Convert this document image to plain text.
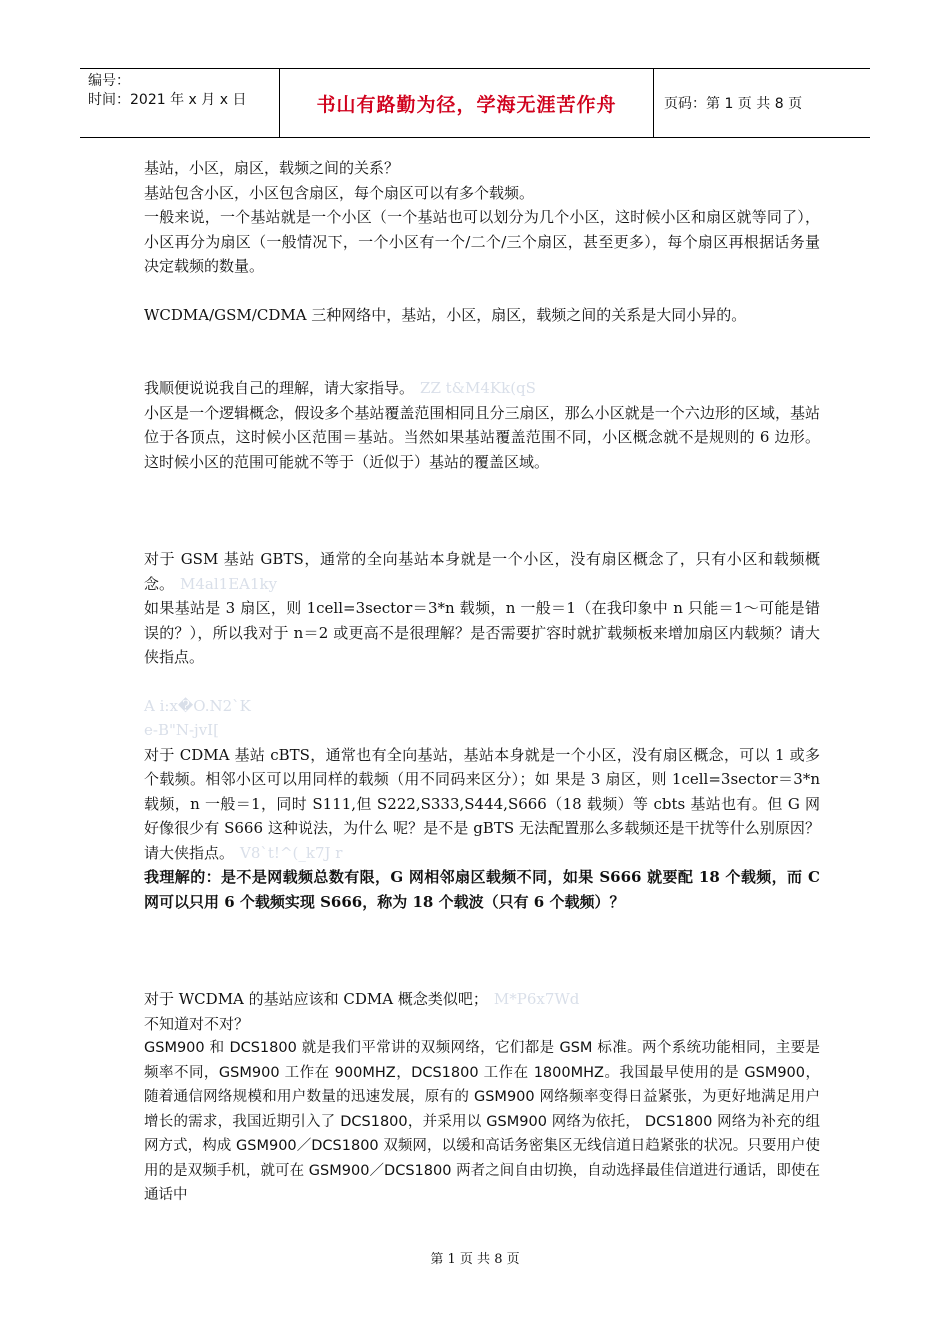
编号：
时间：2021 年 x 月 x 日	书山有路勤为径，学海无涯苦作舟	页码：第 1 页 共 8 页

基站，小区，扇区，载频之间的关系？

基站包含小区，小区包含扇区，每个扇区可以有多个载频。

一般来说，一个基站就是一个小区（一个基站也可以划分为几个小区，这时候小区和扇区就等同了），小区再分为扇区（一般情况下，一个小区有一个/二个/三个扇区，甚至更多），每个扇区再根据话务量决定载频的数量。

WCDMA/GSM/CDMA 三种网络中，基站，小区，扇区，载频之间的关系是大同小异的。

我顺便说说我自己的理解，请大家指导。 ZZ t&M4Kk(qS

小区是一个逻辑概念，假设多个基站覆盖范围相同且分三扇区，那么小区就是一个六边形的区域，基站位于各顶点，这时候小区范围＝基站。当然如果基站覆盖范围不同，小区概念就不是规则的 6 边形。这时候小区的范围可能就不等于（近似于）基站的覆盖区域。

对于 GSM 基站 GBTS，通常的全向基站本身就是一个小区，没有扇区概念了，只有小区和载频概念。 M4al1EA1ky

如果基站是 3 扇区，则 1cell=3sector＝3*n 载频，n 一般＝1（在我印象中 n 只能＝1～可能是错误的？），所以我对于 n＝2 或更高不是很理解？是否需要扩容时就扩载频板来增加扇区内载频？请大侠指点。

A i:x�O.N2`K
e-B"N-jvI[

对于 CDMA 基站 cBTS，通常也有全向基站，基站本身就是一个小区，没有扇区概念，可以 1 或多个载频。相邻小区可以用同样的载频（用不同码来区分）；如 果是 3 扇区，则 1cell=3sector＝3*n 载频，n 一般＝1，同时 S111,但 S222,S333,S444,S666（18 载频）等 cbts 基站也有。但 G 网好像很少有 S666 这种说法，为什么 呢？是不是 gBTS 无法配置那么多载频还是干扰等什么别原因？请大侠指点。 V8`t!^(_k7J r

我理解的：是不是网载频总数有限，G 网相邻扇区载频不同，如果 S666 就要配 18 个载频，而 C 网可以只用 6 个载频实现 S666，称为 18 个载波（只有 6 个载频）？

对于 WCDMA 的基站应该和 CDMA 概念类似吧； M*P6x7Wd

不知道对不对？

GSM900 和 DCS1800 就是我们平常讲的双频网络，它们都是 GSM 标准。两个系统功能相同，主要是频率不同，GSM900 工作在 900MHZ，DCS1800 工作在 1800MHZ。我国最早使用的是 GSM900，随着通信网络规模和用户数量的迅速发展，原有的 GSM900 网络频率变得日益紧张，为更好地满足用户增长的需求，我国近期引入了 DCS1800，并采用以 GSM900 网络为依托， DCS1800 网络为补充的组网方式，构成 GSM900／DCS1800 双频网，以缓和高话务密集区无线信道日趋紧张的状况。只要用户使用的是双频手机，就可在 GSM900／DCS1800 两者之间自由切换，自动选择最佳信道进行通话，即使在通话中

第 1 页 共 8 页
